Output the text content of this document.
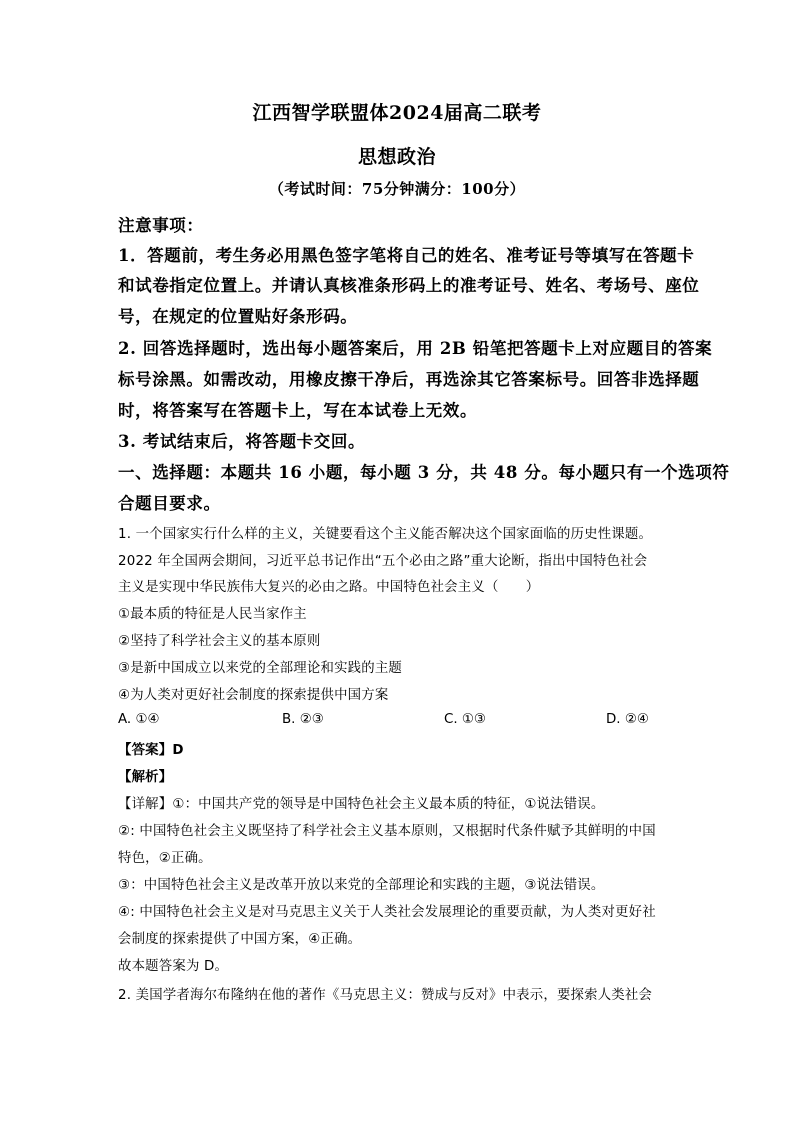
江西智学联盟体2024届高二联考
思想政治
（考试时间：75分钟满分：100分）
注意事项：
1．答题前，考生务必用黑色签字笔将自己的姓名、准考证号等填写在答题卡
和试卷指定位置上。并请认真核准条形码上的准考证号、姓名、考场号、座位
号，在规定的位置贴好条形码。
2. 回答选择题时，选出每小题答案后，用 2B 铅笔把答题卡上对应题目的答案
标号涂黑。如需改动，用橡皮擦干净后，再选涂其它答案标号。回答非选择题
时，将答案写在答题卡上，写在本试卷上无效。
3. 考试结束后，将答题卡交回。
一、选择题：本题共 16 小题，每小题 3 分，共 48 分。每小题只有一个选项符
合题目要求。
1. 一个国家实行什么样的主义，关键要看这个主义能否解决这个国家面临的历史性课题。
2022 年全国两会期间，习近平总书记作出“五个必由之路”重大论断，指出中国特色社会
主义是实现中华民族伟大复兴的必由之路。中国特色社会主义（　　）
①最本质的特征是人民当家作主
②坚持了科学社会主义的基本原则
③是新中国成立以来党的全部理论和实践的主题
④为人类对更好社会制度的探索提供中国方案
A. ①④	B. ②③	C. ①③	D. ②④
【答案】D
【解析】
【详解】①：中国共产党的领导是中国特色社会主义最本质的特征，①说法错误。
②: 中国特色社会主义既坚持了科学社会主义基本原则，又根据时代条件赋予其鲜明的中国
特色，②正确。
③：中国特色社会主义是改革开放以来党的全部理论和实践的主题，③说法错误。
④: 中国特色社会主义是对马克思主义关于人类社会发展理论的重要贡献，为人类对更好社
会制度的探索提供了中国方案，④正确。
故本题答案为 D。
2. 美国学者海尔布隆纳在他的著作《马克思主义：赞成与反对》中表示，要探索人类社会
